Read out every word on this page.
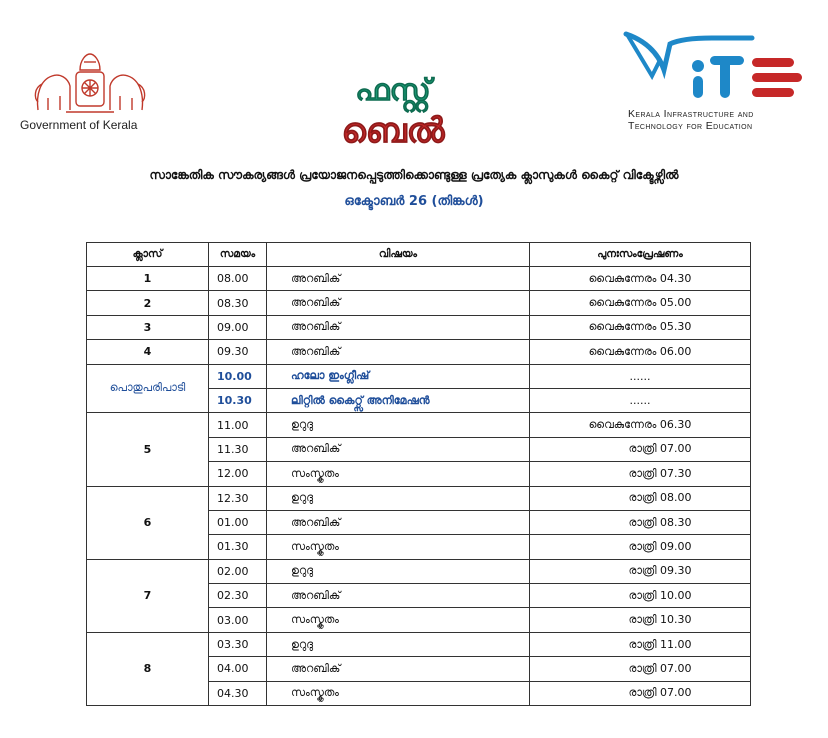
Government of Kerala
ഫസ്റ്റ്
ബെൽ	Kerala Infrastructure and
Technology for Education
സാങ്കേതിക സൗകര്യങ്ങൾ പ്രയോജനപ്പെടുത്തിക്കൊണ്ടുള്ള പ്രത്യേക ക്ലാസുകൾ കൈറ്റ് വിക്ടേഴ്സിൽ
ഒക്ടോബർ 26 (തിങ്കൾ)
ക്ലാസ്	സമയം	വിഷയം	പുനഃസംപ്രേഷണം
1	08.00	അറബിക്	വൈകുന്നേരം 04.30
2	08.30	അറബിക്	വൈകുന്നേരം 05.00
3	09.00	അറബിക്	വൈകുന്നേരം 05.30
4	09.30	അറബിക്	വൈകുന്നേരം 06.00
പൊതുപരിപാടി	10.00	ഹലോ ഇംഗ്ലീഷ്	......
	10.30	ലിറ്റിൽ കൈറ്റ്സ് അനിമേഷൻ	......
5	11.00	ഉറുദു	വൈകുന്നേരം 06.30
	11.30	അറബിക്	രാത്രി 07.00
	12.00	സംസ്കൃതം	രാത്രി 07.30
6	12.30	ഉറുദു	രാത്രി 08.00
	01.00	അറബിക്	രാത്രി 08.30
	01.30	സംസ്കൃതം	രാത്രി 09.00
7	02.00	ഉറുദു	രാത്രി 09.30
	02.30	അറബിക്	രാത്രി 10.00
	03.00	സംസ്കൃതം	രാത്രി 10.30
8	03.30	ഉറുദു	രാത്രി 11.00
	04.00	അറബിക്	രാത്രി 07.00
	04.30	സംസ്കൃതം	രാത്രി 07.00
